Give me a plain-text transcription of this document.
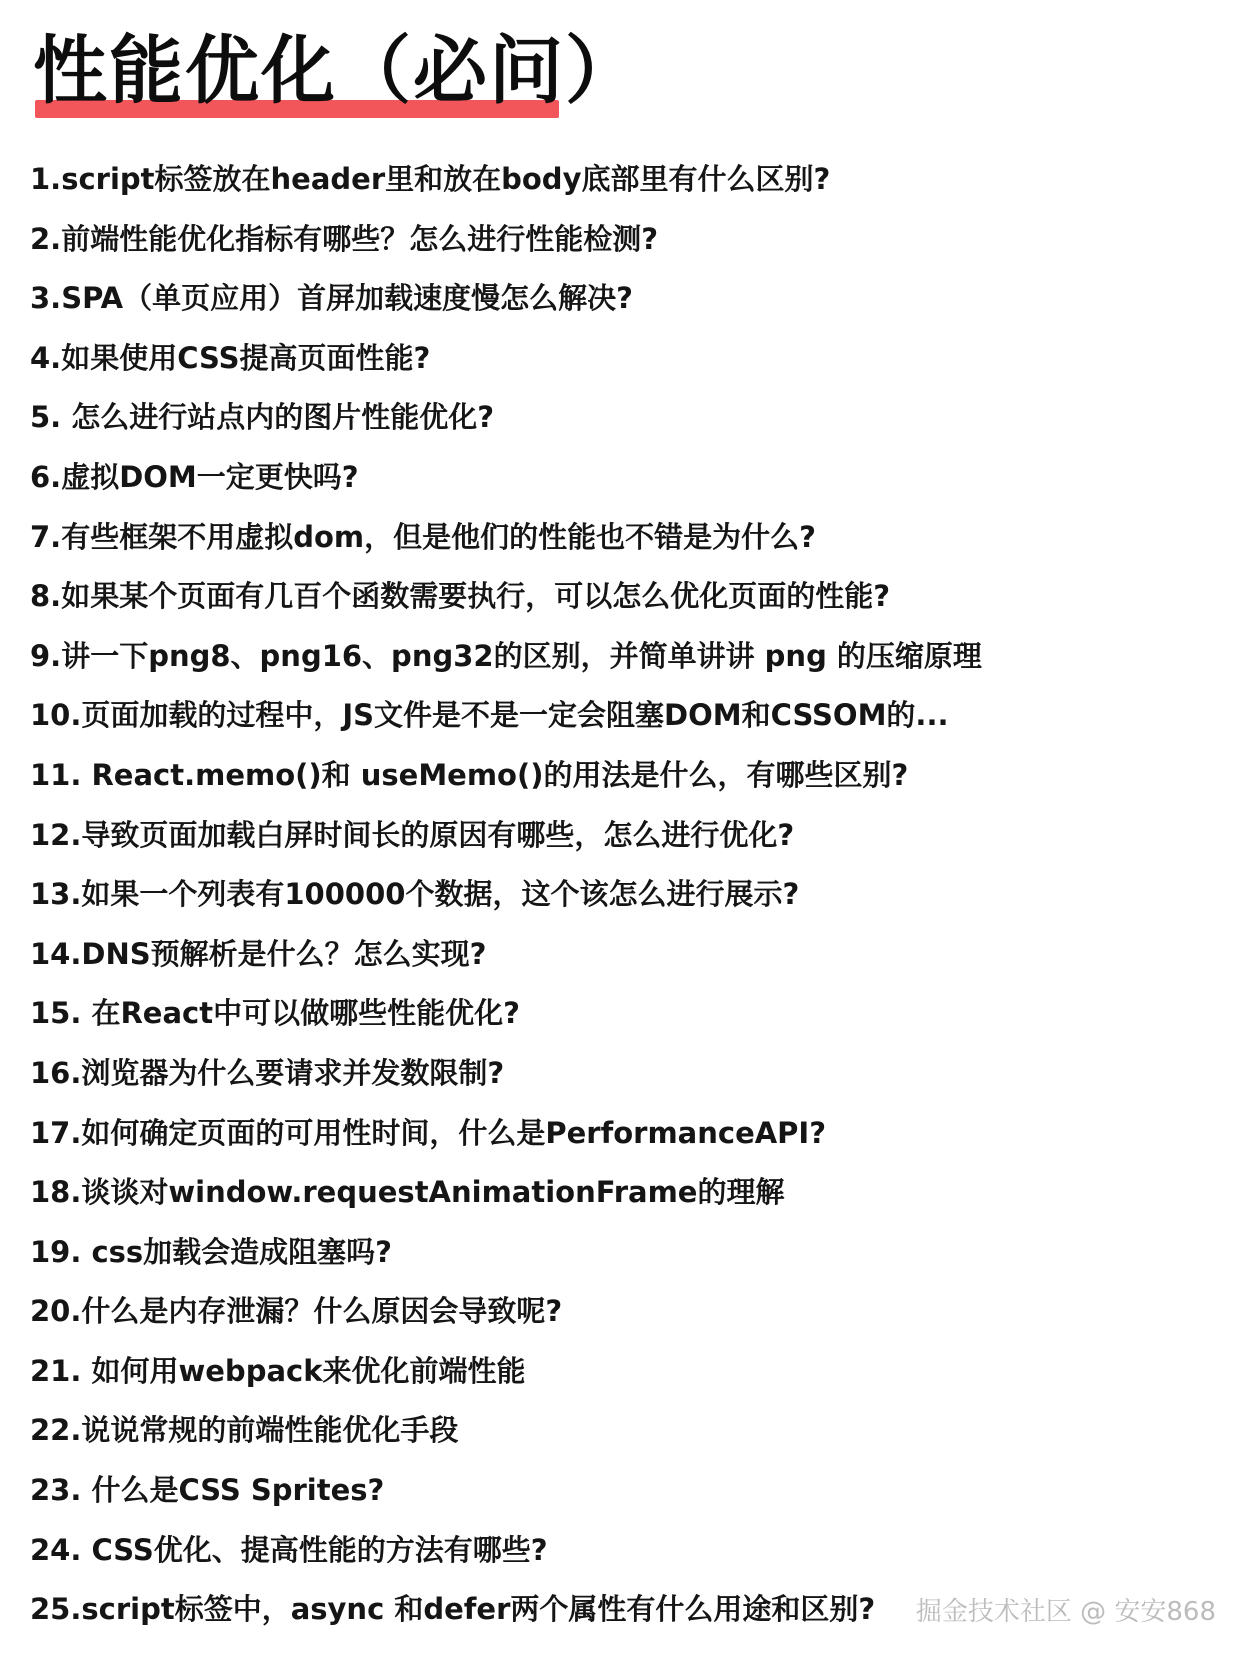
性能优化（必问）
1.script标签放在header里和放在body底部里有什么区别?
2.前端性能优化指标有哪些？怎么进行性能检测?
3.SPA（单页应用）首屏加载速度慢怎么解决?
4.如果使用CSS提高页面性能?
5. 怎么进行站点内的图片性能优化?
6.虚拟DOM一定更快吗?
7.有些框架不用虚拟dom，但是他们的性能也不错是为什么?
8.如果某个页面有几百个函数需要执行，可以怎么优化页面的性能?
9.讲一下png8、png16、png32的区别，并简单讲讲 png 的压缩原理
10.页面加载的过程中，JS文件是不是一定会阻塞DOM和CSSOM的...
11. React.memo()和 useMemo()的用法是什么，有哪些区别?
12.导致页面加载白屏时间长的原因有哪些，怎么进行优化?
13.如果一个列表有100000个数据，这个该怎么进行展示?
14.DNS预解析是什么？怎么实现?
15. 在React中可以做哪些性能优化?
16.浏览器为什么要请求并发数限制?
17.如何确定页面的可用性时间，什么是PerformanceAPI?
18.谈谈对window.requestAnimationFrame的理解
19. css加载会造成阻塞吗?
20.什么是内存泄漏？什么原因会导致呢?
21. 如何用webpack来优化前端性能
22.说说常规的前端性能优化手段
23. 什么是CSS Sprites?
24. CSS优化、提高性能的方法有哪些?
25.script标签中，async 和defer两个属性有什么用途和区别?	掘金技术社区 @ 安安868
